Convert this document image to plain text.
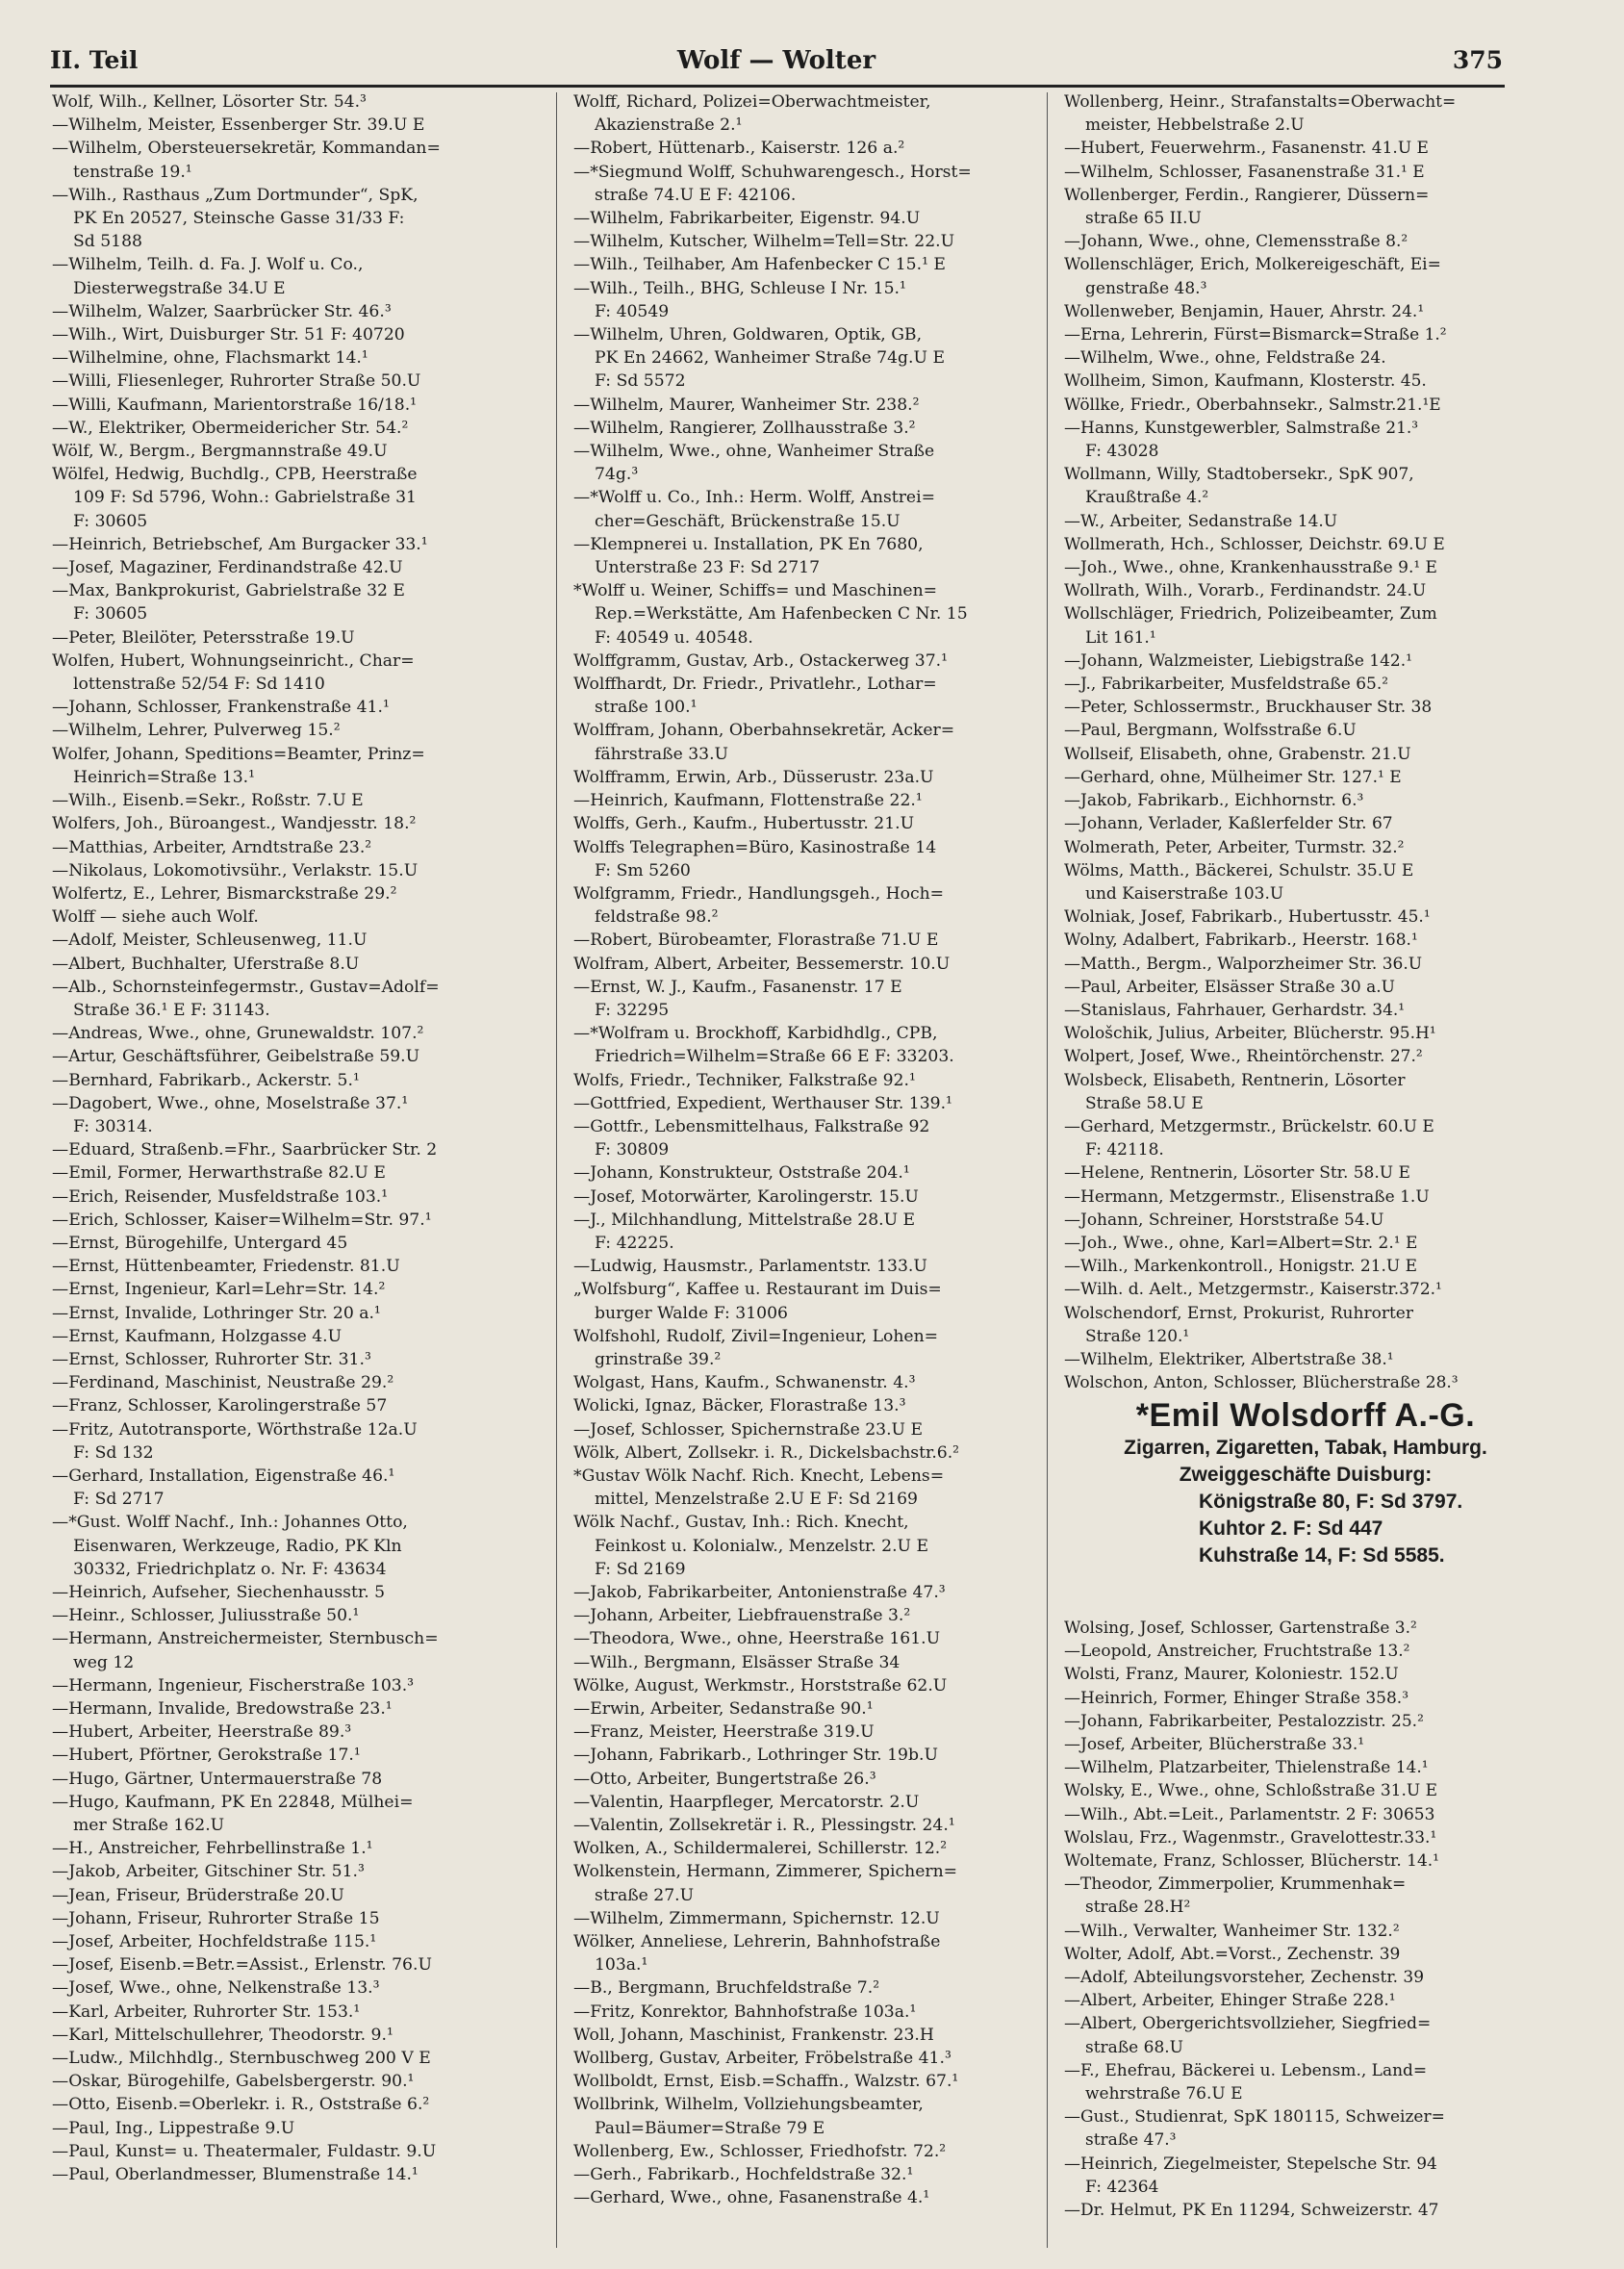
II. Teil	Wolf — Wolter	375
Wolf, Wilh., Kellner, Lösorter Str. 54.³
—Wilhelm, Meister, Essenberger Str. 39.U E
—Wilhelm, Obersteuersekretär, Kommandan=
tenstraße 19.¹
—Wilh., Rasthaus „Zum Dortmunder“, SpK,
PK En 20527, Steinsche Gasse 31/33 F:
Sd 5188
—Wilhelm, Teilh. d. Fa. J. Wolf u. Co.,
Diesterwegstraße 34.U E
—Wilhelm, Walzer, Saarbrücker Str. 46.³
—Wilh., Wirt, Duisburger Str. 51 F: 40720
—Wilhelmine, ohne, Flachsmarkt 14.¹
—Willi, Fliesenleger, Ruhrorter Straße 50.U
—Willi, Kaufmann, Marientorstraße 16/18.¹
—W., Elektriker, Obermeidericher Str. 54.²
Wölf, W., Bergm., Bergmannstraße 49.U
Wölfel, Hedwig, Buchdlg., CPB, Heerstraße
109 F: Sd 5796, Wohn.: Gabrielstraße 31
F: 30605
—Heinrich, Betriebschef, Am Burgacker 33.¹
—Josef, Magaziner, Ferdinandstraße 42.U
—Max, Bankprokurist, Gabrielstraße 32 E
F: 30605
—Peter, Bleilöter, Petersstraße 19.U
Wolfen, Hubert, Wohnungseinricht., Char=
lottenstraße 52/54 F: Sd 1410
—Johann, Schlosser, Frankenstraße 41.¹
—Wilhelm, Lehrer, Pulverweg 15.²
Wolfer, Johann, Speditions=Beamter, Prinz=
Heinrich=Straße 13.¹
—Wilh., Eisenb.=Sekr., Roßstr. 7.U E
Wolfers, Joh., Büroangest., Wandjesstr. 18.²
—Matthias, Arbeiter, Arndtstraße 23.²
—Nikolaus, Lokomotivsühr., Verlakstr. 15.U
Wolfertz, E., Lehrer, Bismarckstraße 29.²
Wolff — siehe auch Wolf.
—Adolf, Meister, Schleusenweg, 11.U
—Albert, Buchhalter, Uferstraße 8.U
—Alb., Schornsteinfegermstr., Gustav=Adolf=
Straße 36.¹ E F: 31143.
—Andreas, Wwe., ohne, Grunewaldstr. 107.²
—Artur, Geschäftsführer, Geibelstraße 59.U
—Bernhard, Fabrikarb., Ackerstr. 5.¹
—Dagobert, Wwe., ohne, Moselstraße 37.¹
F: 30314.
—Eduard, Straßenb.=Fhr., Saarbrücker Str. 2
—Emil, Former, Herwarthstraße 82.U E
—Erich, Reisender, Musfeldstraße 103.¹
—Erich, Schlosser, Kaiser=Wilhelm=Str. 97.¹
—Ernst, Bürogehilfe, Untergard 45
—Ernst, Hüttenbeamter, Friedenstr. 81.U
—Ernst, Ingenieur, Karl=Lehr=Str. 14.²
—Ernst, Invalide, Lothringer Str. 20 a.¹
—Ernst, Kaufmann, Holzgasse 4.U
—Ernst, Schlosser, Ruhrorter Str. 31.³
—Ferdinand, Maschinist, Neustraße 29.²
—Franz, Schlosser, Karolingerstraße 57
—Fritz, Autotransporte, Wörthstraße 12a.U
F: Sd 132
—Gerhard, Installation, Eigenstraße 46.¹
F: Sd 2717
—*Gust. Wolff Nachf., Inh.: Johannes Otto,
Eisenwaren, Werkzeuge, Radio, PK Kln
30332, Friedrichplatz o. Nr. F: 43634
—Heinrich, Aufseher, Siechenhausstr. 5
—Heinr., Schlosser, Juliusstraße 50.¹
—Hermann, Anstreichermeister, Sternbusch=
weg 12
—Hermann, Ingenieur, Fischerstraße 103.³
—Hermann, Invalide, Bredowstraße 23.¹
—Hubert, Arbeiter, Heerstraße 89.³
—Hubert, Pförtner, Gerokstraße 17.¹
—Hugo, Gärtner, Untermauerstraße 78
—Hugo, Kaufmann, PK En 22848, Mülhei=
mer Straße 162.U
—H., Anstreicher, Fehrbellinstraße 1.¹
—Jakob, Arbeiter, Gitschiner Str. 51.³
—Jean, Friseur, Brüderstraße 20.U
—Johann, Friseur, Ruhrorter Straße 15
—Josef, Arbeiter, Hochfeldstraße 115.¹
—Josef, Eisenb.=Betr.=Assist., Erlenstr. 76.U
—Josef, Wwe., ohne, Nelkenstraße 13.³
—Karl, Arbeiter, Ruhrorter Str. 153.¹
—Karl, Mittelschullehrer, Theodorstr. 9.¹
—Ludw., Milchhdlg., Sternbuschweg 200 V E
—Oskar, Bürogehilfe, Gabelsbergerstr. 90.¹
—Otto, Eisenb.=Oberlekr. i. R., Oststraße 6.²
—Paul, Ing., Lippestraße 9.U
—Paul, Kunst= u. Theatermaler, Fuldastr. 9.U
—Paul, Oberlandmesser, Blumenstraße 14.¹
Wolff, Richard, Polizei=Oberwachtmeister,
Akazienstraße 2.¹
—Robert, Hüttenarb., Kaiserstr. 126 a.²
—*Siegmund Wolff, Schuhwarengesch., Horst=
straße 74.U E F: 42106.
—Wilhelm, Fabrikarbeiter, Eigenstr. 94.U
—Wilhelm, Kutscher, Wilhelm=Tell=Str. 22.U
—Wilh., Teilhaber, Am Hafenbecker C 15.¹ E
—Wilh., Teilh., BHG, Schleuse I Nr. 15.¹
F: 40549
—Wilhelm, Uhren, Goldwaren, Optik, GB,
PK En 24662, Wanheimer Straße 74g.U E
F: Sd 5572
—Wilhelm, Maurer, Wanheimer Str. 238.²
—Wilhelm, Rangierer, Zollhausstraße 3.²
—Wilhelm, Wwe., ohne, Wanheimer Straße
74g.³
—*Wolff u. Co., Inh.: Herm. Wolff, Anstrei=
cher=Geschäft, Brückenstraße 15.U
—Klempnerei u. Installation, PK En 7680,
Unterstraße 23 F: Sd 2717
*Wolff u. Weiner, Schiffs= und Maschinen=
Rep.=Werkstätte, Am Hafenbecken C Nr. 15
F: 40549 u. 40548.
Wolffgramm, Gustav, Arb., Ostackerweg 37.¹
Wolffhardt, Dr. Friedr., Privatlehr., Lothar=
straße 100.¹
Wolffram, Johann, Oberbahnsekretär, Acker=
fährstraße 33.U
Wolfframm, Erwin, Arb., Düsserustr. 23a.U
—Heinrich, Kaufmann, Flottenstraße 22.¹
Wolffs, Gerh., Kaufm., Hubertusstr. 21.U
Wolffs Telegraphen=Büro, Kasinostraße 14
F: Sm 5260
Wolfgramm, Friedr., Handlungsgeh., Hoch=
feldstraße 98.²
—Robert, Bürobeamter, Florastraße 71.U E
Wolfram, Albert, Arbeiter, Bessemerstr. 10.U
—Ernst, W. J., Kaufm., Fasanenstr. 17 E
F: 32295
—*Wolfram u. Brockhoff, Karbidhdlg., CPB,
Friedrich=Wilhelm=Straße 66 E F: 33203.
Wolfs, Friedr., Techniker, Falkstraße 92.¹
—Gottfried, Expedient, Werthauser Str. 139.¹
—Gottfr., Lebensmittelhaus, Falkstraße 92
F: 30809
—Johann, Konstrukteur, Oststraße 204.¹
—Josef, Motorwärter, Karolingerstr. 15.U
—J., Milchhandlung, Mittelstraße 28.U E
F: 42225.
—Ludwig, Hausmstr., Parlamentstr. 133.U
„Wolfsburg“, Kaffee u. Restaurant im Duis=
burger Walde F: 31006
Wolfshohl, Rudolf, Zivil=Ingenieur, Lohen=
grinstraße 39.²
Wolgast, Hans, Kaufm., Schwanenstr. 4.³
Wolicki, Ignaz, Bäcker, Florastraße 13.³
—Josef, Schlosser, Spichernstraße 23.U E
Wölk, Albert, Zollsekr. i. R., Dickelsbachstr.6.²
*Gustav Wölk Nachf. Rich. Knecht, Lebens=
mittel, Menzelstraße 2.U E F: Sd 2169
Wölk Nachf., Gustav, Inh.: Rich. Knecht,
Feinkost u. Kolonialw., Menzelstr. 2.U E
F: Sd 2169
—Jakob, Fabrikarbeiter, Antonienstraße 47.³
—Johann, Arbeiter, Liebfrauenstraße 3.²
—Theodora, Wwe., ohne, Heerstraße 161.U
—Wilh., Bergmann, Elsässer Straße 34
Wölke, August, Werkmstr., Horststraße 62.U
—Erwin, Arbeiter, Sedanstraße 90.¹
—Franz, Meister, Heerstraße 319.U
—Johann, Fabrikarb., Lothringer Str. 19b.U
—Otto, Arbeiter, Bungertstraße 26.³
—Valentin, Haarpfleger, Mercatorstr. 2.U
—Valentin, Zollsekretär i. R., Plessingstr. 24.¹
Wolken, A., Schildermalerei, Schillerstr. 12.²
Wolkenstein, Hermann, Zimmerer, Spichern=
straße 27.U
—Wilhelm, Zimmermann, Spichernstr. 12.U
Wölker, Anneliese, Lehrerin, Bahnhofstraße
103a.¹
—B., Bergmann, Bruchfeldstraße 7.²
—Fritz, Konrektor, Bahnhofstraße 103a.¹
Woll, Johann, Maschinist, Frankenstr. 23.H
Wollberg, Gustav, Arbeiter, Fröbelstraße 41.³
Wollboldt, Ernst, Eisb.=Schaffn., Walzstr. 67.¹
Wollbrink, Wilhelm, Vollziehungsbeamter,
Paul=Bäumer=Straße 79 E
Wollenberg, Ew., Schlosser, Friedhofstr. 72.²
—Gerh., Fabrikarb., Hochfeldstraße 32.¹
—Gerhard, Wwe., ohne, Fasanenstraße 4.¹
Wollenberg, Heinr., Strafanstalts=Oberwacht=
meister, Hebbelstraße 2.U
—Hubert, Feuerwehrm., Fasanenstr. 41.U E
—Wilhelm, Schlosser, Fasanenstraße 31.¹ E
Wollenberger, Ferdin., Rangierer, Düssern=
straße 65 II.U
—Johann, Wwe., ohne, Clemensstraße 8.²
Wollenschläger, Erich, Molkereigeschäft, Ei=
genstraße 48.³
Wollenweber, Benjamin, Hauer, Ahrstr. 24.¹
—Erna, Lehrerin, Fürst=Bismarck=Straße 1.²
—Wilhelm, Wwe., ohne, Feldstraße 24.
Wollheim, Simon, Kaufmann, Klosterstr. 45.
Wöllke, Friedr., Oberbahnsekr., Salmstr.21.¹E
—Hanns, Kunstgewerbler, Salmstraße 21.³
F: 43028
Wollmann, Willy, Stadtobersekr., SpK 907,
Kraußtraße 4.²
—W., Arbeiter, Sedanstraße 14.U
Wollmerath, Hch., Schlosser, Deichstr. 69.U E
—Joh., Wwe., ohne, Krankenhausstraße 9.¹ E
Wollrath, Wilh., Vorarb., Ferdinandstr. 24.U
Wollschläger, Friedrich, Polizeibeamter, Zum
Lit 161.¹
—Johann, Walzmeister, Liebigstraße 142.¹
—J., Fabrikarbeiter, Musfeldstraße 65.²
—Peter, Schlossermstr., Bruckhauser Str. 38
—Paul, Bergmann, Wolfsstraße 6.U
Wollseif, Elisabeth, ohne, Grabenstr. 21.U
—Gerhard, ohne, Mülheimer Str. 127.¹ E
—Jakob, Fabrikarb., Eichhornstr. 6.³
—Johann, Verlader, Kaßlerfelder Str. 67
Wolmerath, Peter, Arbeiter, Turmstr. 32.²
Wölms, Matth., Bäckerei, Schulstr. 35.U E
und Kaiserstraße 103.U
Wolniak, Josef, Fabrikarb., Hubertusstr. 45.¹
Wolny, Adalbert, Fabrikarb., Heerstr. 168.¹
—Matth., Bergm., Walporzheimer Str. 36.U
—Paul, Arbeiter, Elsässer Straße 30 a.U
—Stanislaus, Fahrhauer, Gerhardstr. 34.¹
Wološchik, Julius, Arbeiter, Blücherstr. 95.H¹
Wolpert, Josef, Wwe., Rheintörchenstr. 27.²
Wolsbeck, Elisabeth, Rentnerin, Lösorter
Straße 58.U E
—Gerhard, Metzgermstr., Brückelstr. 60.U E
F: 42118.
—Helene, Rentnerin, Lösorter Str. 58.U E
—Hermann, Metzgermstr., Elisenstraße 1.U
—Johann, Schreiner, Horststraße 54.U
—Joh., Wwe., ohne, Karl=Albert=Str. 2.¹ E
—Wilh., Markenkontroll., Honigstr. 21.U E
—Wilh. d. Aelt., Metzgermstr., Kaiserstr.372.¹
Wolschendorf, Ernst, Prokurist, Ruhrorter
Straße 120.¹
—Wilhelm, Elektriker, Albertstraße 38.¹
Wolschon, Anton, Schlosser, Blücherstraße 28.³
*Emil Wolsdorff A.-G.
Zigarren, Zigaretten, Tabak, Hamburg.
Zweiggeschäfte Duisburg:
Königstraße 80, F: Sd 3797.
Kuhtor 2. F: Sd 447
Kuhstraße 14, F: Sd 5585.
Wolsing, Josef, Schlosser, Gartenstraße 3.²
—Leopold, Anstreicher, Fruchtstraße 13.²
Wolsti, Franz, Maurer, Koloniestr. 152.U
—Heinrich, Former, Ehinger Straße 358.³
—Johann, Fabrikarbeiter, Pestalozzistr. 25.²
—Josef, Arbeiter, Blücherstraße 33.¹
—Wilhelm, Platzarbeiter, Thielenstraße 14.¹
Wolsky, E., Wwe., ohne, Schloßstraße 31.U E
—Wilh., Abt.=Leit., Parlamentstr. 2 F: 30653
Wolslau, Frz., Wagenmstr., Gravelottestr.33.¹
Woltemate, Franz, Schlosser, Blücherstr. 14.¹
—Theodor, Zimmerpolier, Krummenhak=
straße 28.H²
—Wilh., Verwalter, Wanheimer Str. 132.²
Wolter, Adolf, Abt.=Vorst., Zechenstr. 39
—Adolf, Abteilungsvorsteher, Zechenstr. 39
—Albert, Arbeiter, Ehinger Straße 228.¹
—Albert, Obergerichtsvollzieher, Siegfried=
straße 68.U
—F., Ehefrau, Bäckerei u. Lebensm., Land=
wehrstraße 76.U E
—Gust., Studienrat, SpK 180115, Schweizer=
straße 47.³
—Heinrich, Ziegelmeister, Stepelsche Str. 94
F: 42364
—Dr. Helmut, PK En 11294, Schweizerstr. 47
